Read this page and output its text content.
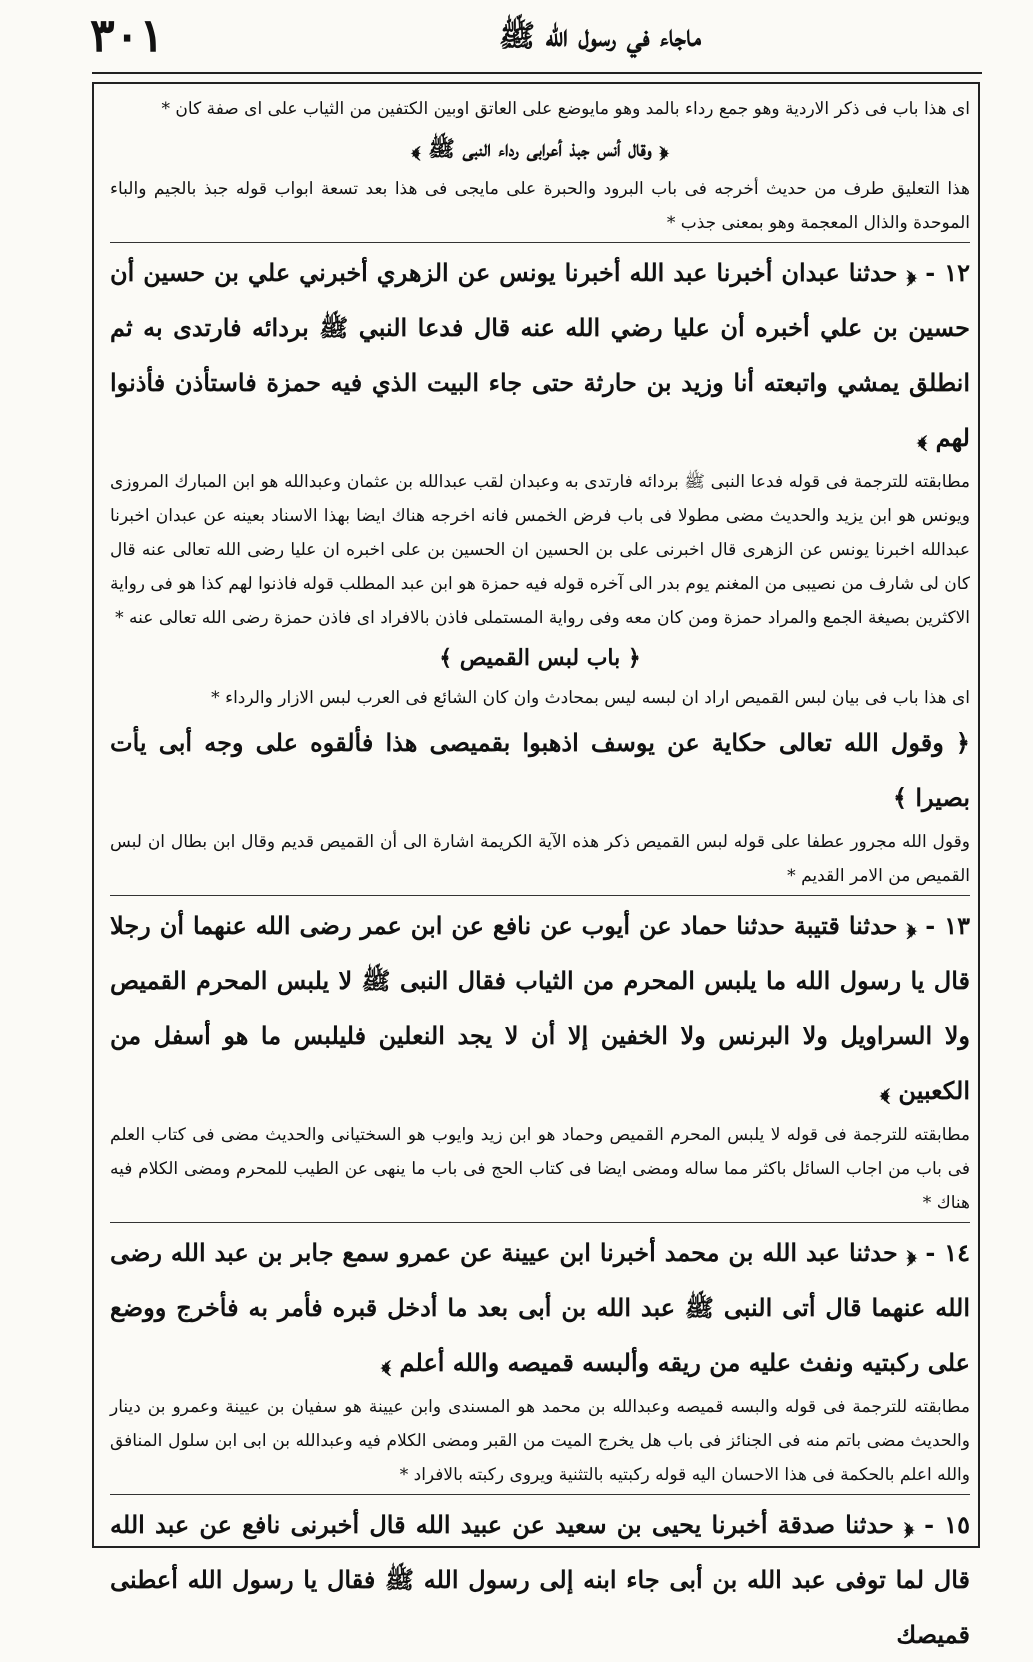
٣٠١	ماجاء في رسول الله ﷺ

اى هذا باب فى ذكر الاردية وهو جمع رداء بالمد وهو مايوضع على العاتق اوبين الكتفين من الثياب على اى صفة كان *

﴿ وقال أنس جبذ أعرابى رداء النبى ﷺ ﴾

هذا التعليق طرف من حديث أخرجه فى باب البرود والحبرة على مايجى فى هذا بعد تسعة ابواب قوله جبذ بالجيم والباء الموحدة والذال المعجمة وهو بمعنى جذب *

١٢ - ﴿ حدثنا عبدان أخبرنا عبد الله أخبرنا يونس عن الزهري أخبرني علي بن حسين أن حسين بن علي أخبره أن عليا رضي الله عنه قال فدعا النبي ﷺ بردائه فارتدى به ثم انطلق يمشي واتبعته أنا وزيد بن حارثة حتى جاء البيت الذي فيه حمزة فاستأذن فأذنوا لهم ﴾

مطابقته للترجمة فى قوله فدعا النبى ﷺ بردائه فارتدى به وعبدان لقب عبدالله بن عثمان وعبدالله هو ابن المبارك المروزى ويونس هو ابن يزيد والحديث مضى مطولا فى باب فرض الخمس فانه اخرجه هناك ايضا بهذا الاسناد بعينه عن عبدان اخبرنا عبدالله اخبرنا يونس عن الزهرى قال اخبرنى على بن الحسين ان الحسين بن على اخبره ان عليا رضى الله تعالى عنه قال كان لى شارف من نصيبى من المغنم يوم بدر الى آخره قوله فيه حمزة هو ابن عبد المطلب قوله فاذنوا لهم كذا هو فى رواية الاكثرين بصيغة الجمع والمراد حمزة ومن كان معه وفى رواية المستملى فاذن بالافراد اى فاذن حمزة رضى الله تعالى عنه *

﴿ باب لبس القميص ﴾

اى هذا باب فى بيان لبس القميص اراد ان لبسه ليس بمحادث وان كان الشائع فى العرب لبس الازار والرداء *

﴿ وقول الله تعالى حكاية عن يوسف اذهبوا بقميصى هذا فألقوه على وجه أبى يأت بصيرا ﴾

وقول الله مجرور عطفا على قوله لبس القميص ذكر هذه الآية الكريمة اشارة الى أن القميص قديم وقال ابن بطال ان لبس القميص من الامر القديم *

١٣ - ﴿ حدثنا قتيبة حدثنا حماد عن أيوب عن نافع عن ابن عمر رضى الله عنهما أن رجلا قال يا رسول الله ما يلبس المحرم من الثياب فقال النبى ﷺ لا يلبس المحرم القميص ولا السراويل ولا البرنس ولا الخفين إلا أن لا يجد النعلين فليلبس ما هو أسفل من الكعبين ﴾

مطابقته للترجمة فى قوله لا يلبس المحرم القميص وحماد هو ابن زيد وايوب هو السختيانى والحديث مضى فى كتاب العلم فى باب من اجاب السائل باكثر مما ساله ومضى ايضا فى كتاب الحج فى باب ما ينهى عن الطيب للمحرم ومضى الكلام فيه هناك *

١٤ - ﴿ حدثنا عبد الله بن محمد أخبرنا ابن عيينة عن عمرو سمع جابر بن عبد الله رضى الله عنهما قال أتى النبى ﷺ عبد الله بن أبى بعد ما أدخل قبره فأمر به فأخرج ووضع على ركبتيه ونفث عليه من ريقه وألبسه قميصه والله أعلم ﴾

مطابقته للترجمة فى قوله والبسه قميصه وعبدالله بن محمد هو المسندى وابن عيينة هو سفيان بن عيينة وعمرو بن دينار والحديث مضى باتم منه فى الجنائز فى باب هل يخرج الميت من القبر ومضى الكلام فيه وعبدالله بن ابى ابن سلول المنافق والله اعلم بالحكمة فى هذا الاحسان اليه قوله ركبتيه بالتثنية ويروى ركبته بالافراد *

١٥ - ﴿ حدثنا صدقة أخبرنا يحيى بن سعيد عن عبيد الله قال أخبرنى نافع عن عبد الله قال لما توفى عبد الله بن أبى جاء ابنه إلى رسول الله ﷺ فقال يا رسول الله أعطنى قميصك
